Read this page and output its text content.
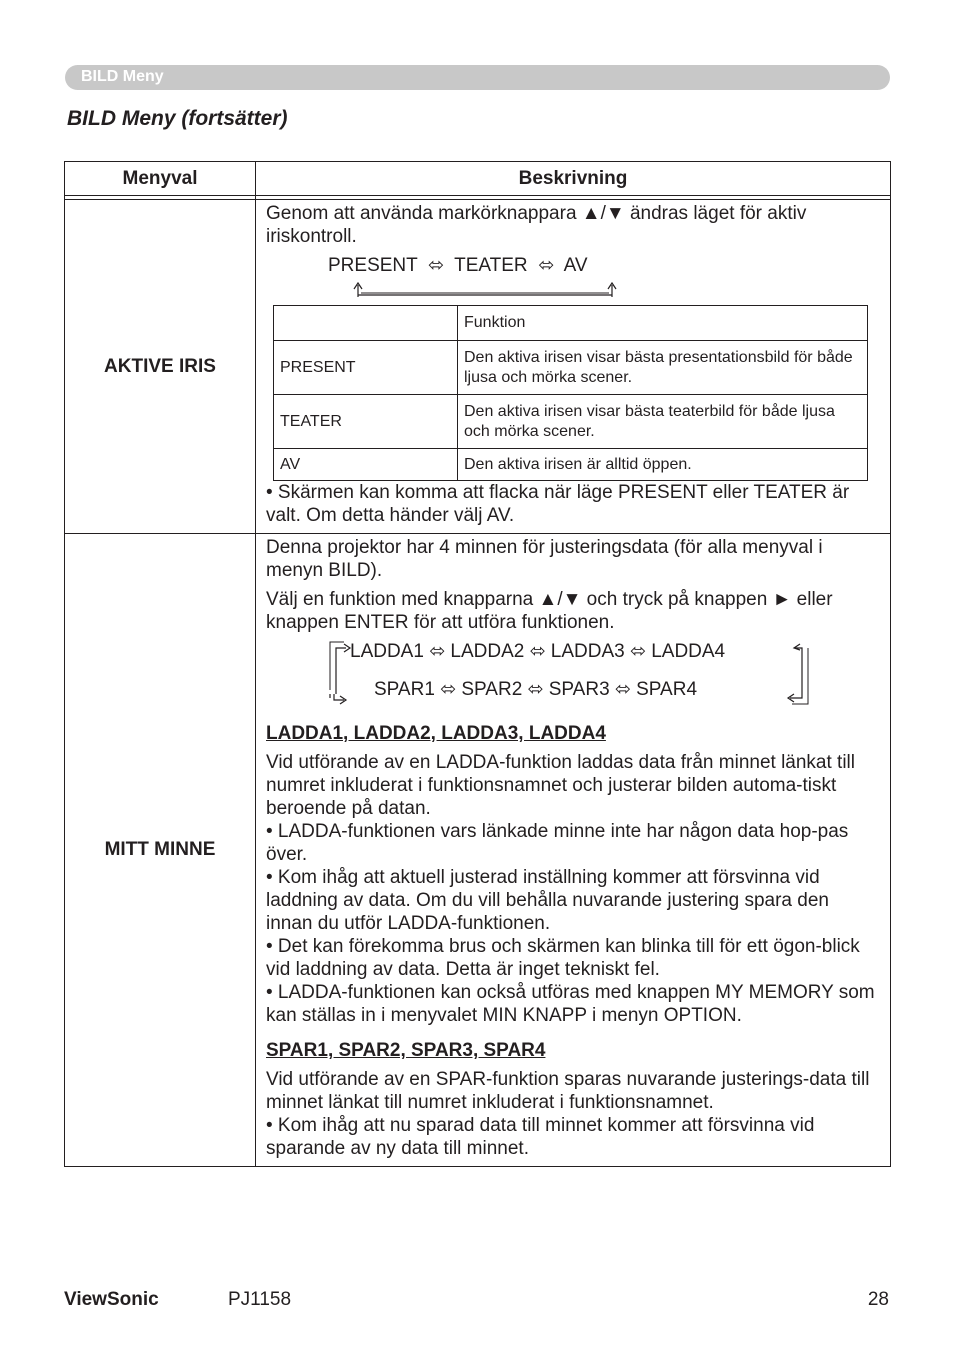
BILD Meny
BILD Meny (fortsätter)
Menyval	Beskrivning

AKTIVE IRIS	

Genom att använda markörknappara ▲/▼ ändras läget för aktiv iriskontroll.

PRESENT ⬄ TEATER ⬄ AV
	Funktion
PRESENT	Den aktiva irisen visar bästa presentationsbild för både ljusa och mörka scener.
TEATER	Den aktiva irisen visar bästa teaterbild för både ljusa och mörka scener.
AV	Den aktiva irisen är alltid öppen.

• Skärmen kan komma att flacka när läge PRESENT eller TEATER är valt. Om detta händer välj AV.

MITT MINNE	

Denna projektor har 4 minnen för justeringsdata (för alla menyval i menyn BILD).

Välj en funktion med knapparna ▲/▼ och tryck på knappen ► eller knappen ENTER för att utföra funktionen.

LADDA1 ⬄ LADDA2 ⬄ LADDA3 ⬄ LADDA4
SPAR1 ⬄ SPAR2 ⬄ SPAR3 ⬄ SPAR4

LADDA1, LADDA2, LADDA3, LADDA4

Vid utförande av en LADDA-funktion laddas data från minnet länkat till numret inkluderat i funktionsnamnet och justerar bilden automa-tiskt beroende på datan.

• LADDA-funktionen vars länkade minne inte har någon data hop-pas över.

• Kom ihåg att aktuell justerad inställning kommer att försvinna vid laddning av data. Om du vill behålla nuvarande justering spara den innan du utför LADDA-funktionen.

• Det kan förekomma brus och skärmen kan blinka till för ett ögon-blick vid laddning av data. Detta är inget tekniskt fel.

• LADDA-funktionen kan också utföras med knappen MY MEMORY som kan ställas in i menyvalet MIN KNAPP i menyn OPTION.

SPAR1, SPAR2, SPAR3, SPAR4

Vid utförande av en SPAR-funktion sparas nuvarande justerings-data till minnet länkat till numret inkluderat i funktionsnamnet.

• Kom ihåg att nu sparad data till minnet kommer att försvinna vid sparande av ny data till minnet.

ViewSonic	PJ1158	28
